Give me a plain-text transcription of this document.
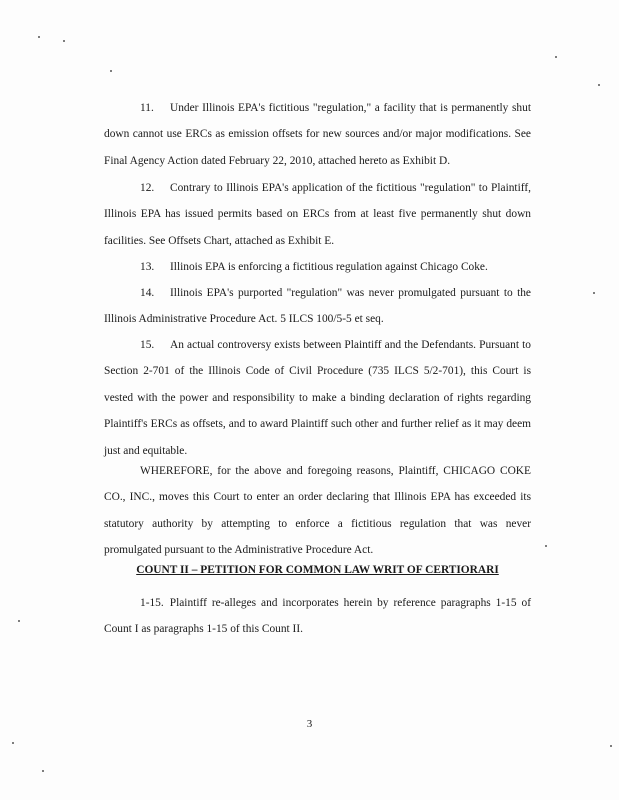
11. Under Illinois EPA's fictitious "regulation," a facility that is permanently shut down cannot use ERCs as emission offsets for new sources and/or major modifications. See Final Agency Action dated February 22, 2010, attached hereto as Exhibit D.

12. Contrary to Illinois EPA's application of the fictitious "regulation" to Plaintiff, Illinois EPA has issued permits based on ERCs from at least five permanently shut down facilities. See Offsets Chart, attached as Exhibit E.

13. Illinois EPA is enforcing a fictitious regulation against Chicago Coke.

14. Illinois EPA's purported "regulation" was never promulgated pursuant to the Illinois Administrative Procedure Act. 5 ILCS 100/5-5 et seq.

15. An actual controversy exists between Plaintiff and the Defendants. Pursuant to Section 2-701 of the Illinois Code of Civil Procedure (735 ILCS 5/2-701), this Court is vested with the power and responsibility to make a binding declaration of rights regarding Plaintiff's ERCs as offsets, and to award Plaintiff such other and further relief as it may deem just and equitable.

WHEREFORE, for the above and foregoing reasons, Plaintiff, CHICAGO COKE CO., INC., moves this Court to enter an order declaring that Illinois EPA has exceeded its statutory authority by attempting to enforce a fictitious regulation that was never promulgated pursuant to the Administrative Procedure Act.

COUNT II – PETITION FOR COMMON LAW WRIT OF CERTIORARI

1-15. Plaintiff re-alleges and incorporates herein by reference paragraphs 1-15 of Count I as paragraphs 1-15 of this Count II.

3
